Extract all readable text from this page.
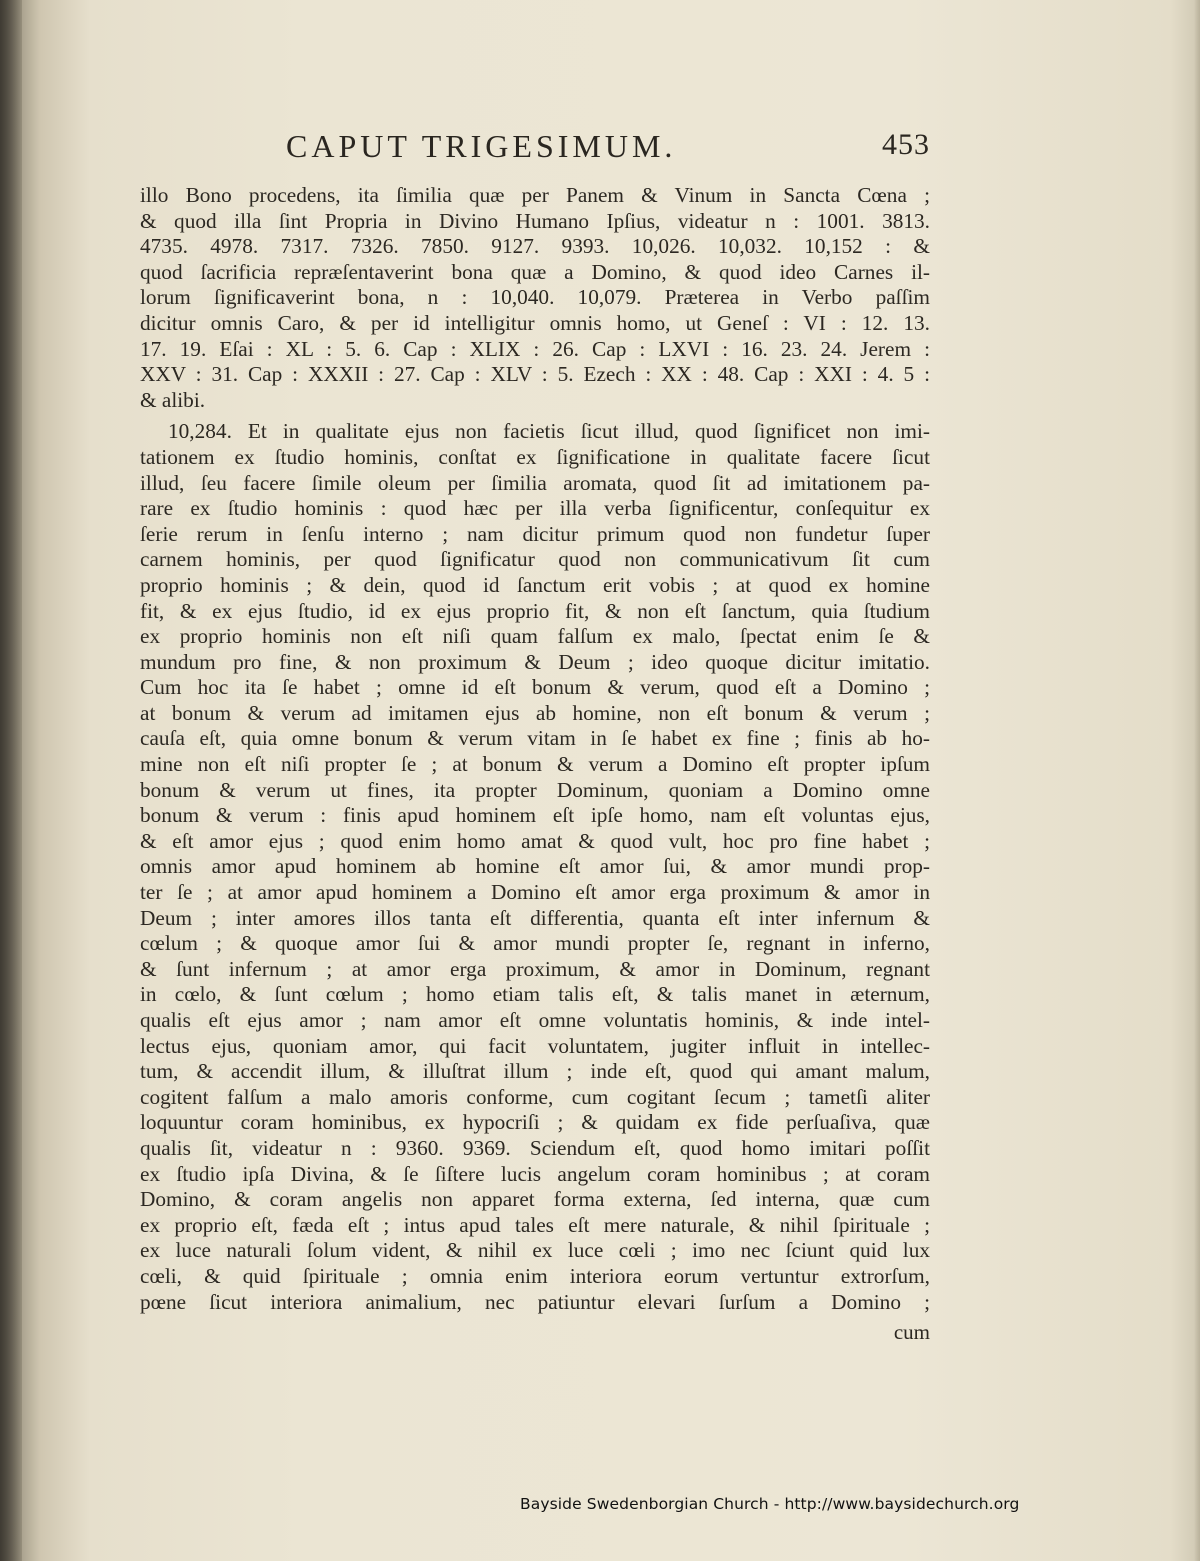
CAPUT TRIGESIMUM.	453
illo Bono procedens, ita ſimilia quæ per Panem & Vinum in Sancta Cœna ;
& quod illa ſint Propria in Divino Humano Ipſius, videatur n : 1001. 3813.
4735. 4978. 7317. 7326. 7850. 9127. 9393. 10,026. 10,032. 10,152 : &
quod ſacrificia repræſentaverint bona quæ a Domino, & quod ideo Carnes il-
lorum ſignificaverint bona, n : 10,040. 10,079. Præterea in Verbo paſſim
dicitur omnis Caro, & per id intelligitur omnis homo, ut Geneſ : VI : 12. 13.
17. 19. Eſai : XL : 5. 6. Cap : XLIX : 26. Cap : LXVI : 16. 23. 24. Jerem :
XXV : 31. Cap : XXXII : 27. Cap : XLV : 5. Ezech : XX : 48. Cap : XXI : 4. 5 :
& alibi.
10,284. Et in qualitate ejus non facietis ſicut illud, quod ſignificet non imi-
tationem ex ſtudio hominis, conſtat ex ſignificatione in qualitate facere ſicut
illud, ſeu facere ſimile oleum per ſimilia aromata, quod ſit ad imitationem pa-
rare ex ſtudio hominis : quod hæc per illa verba ſignificentur, conſequitur ex
ſerie rerum in ſenſu interno ; nam dicitur primum quod non fundetur ſuper
carnem hominis, per quod ſignificatur quod non communicativum ſit cum
proprio hominis ; & dein, quod id ſanctum erit vobis ; at quod ex homine
fit, & ex ejus ſtudio, id ex ejus proprio fit, & non eſt ſanctum, quia ſtudium
ex proprio hominis non eſt niſi quam falſum ex malo, ſpectat enim ſe &
mundum pro fine, & non proximum & Deum ; ideo quoque dicitur imitatio.
Cum hoc ita ſe habet ; omne id eſt bonum & verum, quod eſt a Domino ;
at bonum & verum ad imitamen ejus ab homine, non eſt bonum & verum ;
cauſa eſt, quia omne bonum & verum vitam in ſe habet ex fine ; finis ab ho-
mine non eſt niſi propter ſe ; at bonum & verum a Domino eſt propter ipſum
bonum & verum ut fines, ita propter Dominum, quoniam a Domino omne
bonum & verum : finis apud hominem eſt ipſe homo, nam eſt voluntas ejus,
& eſt amor ejus ; quod enim homo amat & quod vult, hoc pro fine habet ;
omnis amor apud hominem ab homine eſt amor ſui, & amor mundi prop-
ter ſe ; at amor apud hominem a Domino eſt amor erga proximum & amor in
Deum ; inter amores illos tanta eſt differentia, quanta eſt inter infernum &
cœlum ; & quoque amor ſui & amor mundi propter ſe, regnant in inferno,
& ſunt infernum ; at amor erga proximum, & amor in Dominum, regnant
in cœlo, & ſunt cœlum ; homo etiam talis eſt, & talis manet in æternum,
qualis eſt ejus amor ; nam amor eſt omne voluntatis hominis, & inde intel-
lectus ejus, quoniam amor, qui facit voluntatem, jugiter influit in intellec-
tum, & accendit illum, & illuſtrat illum ; inde eſt, quod qui amant malum,
cogitent falſum a malo amoris conforme, cum cogitant ſecum ; tametſi aliter
loquuntur coram hominibus, ex hypocriſi ; & quidam ex fide perſuaſiva, quæ
qualis ſit, videatur n : 9360. 9369. Sciendum eſt, quod homo imitari poſſit
ex ſtudio ipſa Divina, & ſe ſiſtere lucis angelum coram hominibus ; at coram
Domino, & coram angelis non apparet forma externa, ſed interna, quæ cum
ex proprio eſt, fæda eſt ; intus apud tales eſt mere naturale, & nihil ſpirituale ;
ex luce naturali ſolum vident, & nihil ex luce cœli ; imo nec ſciunt quid lux
cœli, & quid ſpirituale ; omnia enim interiora eorum vertuntur extrorſum,
pœne ſicut interiora animalium, nec patiuntur elevari ſurſum a Domino ;
cum
Bayside Swedenborgian Church - http://www.baysidechurch.org
